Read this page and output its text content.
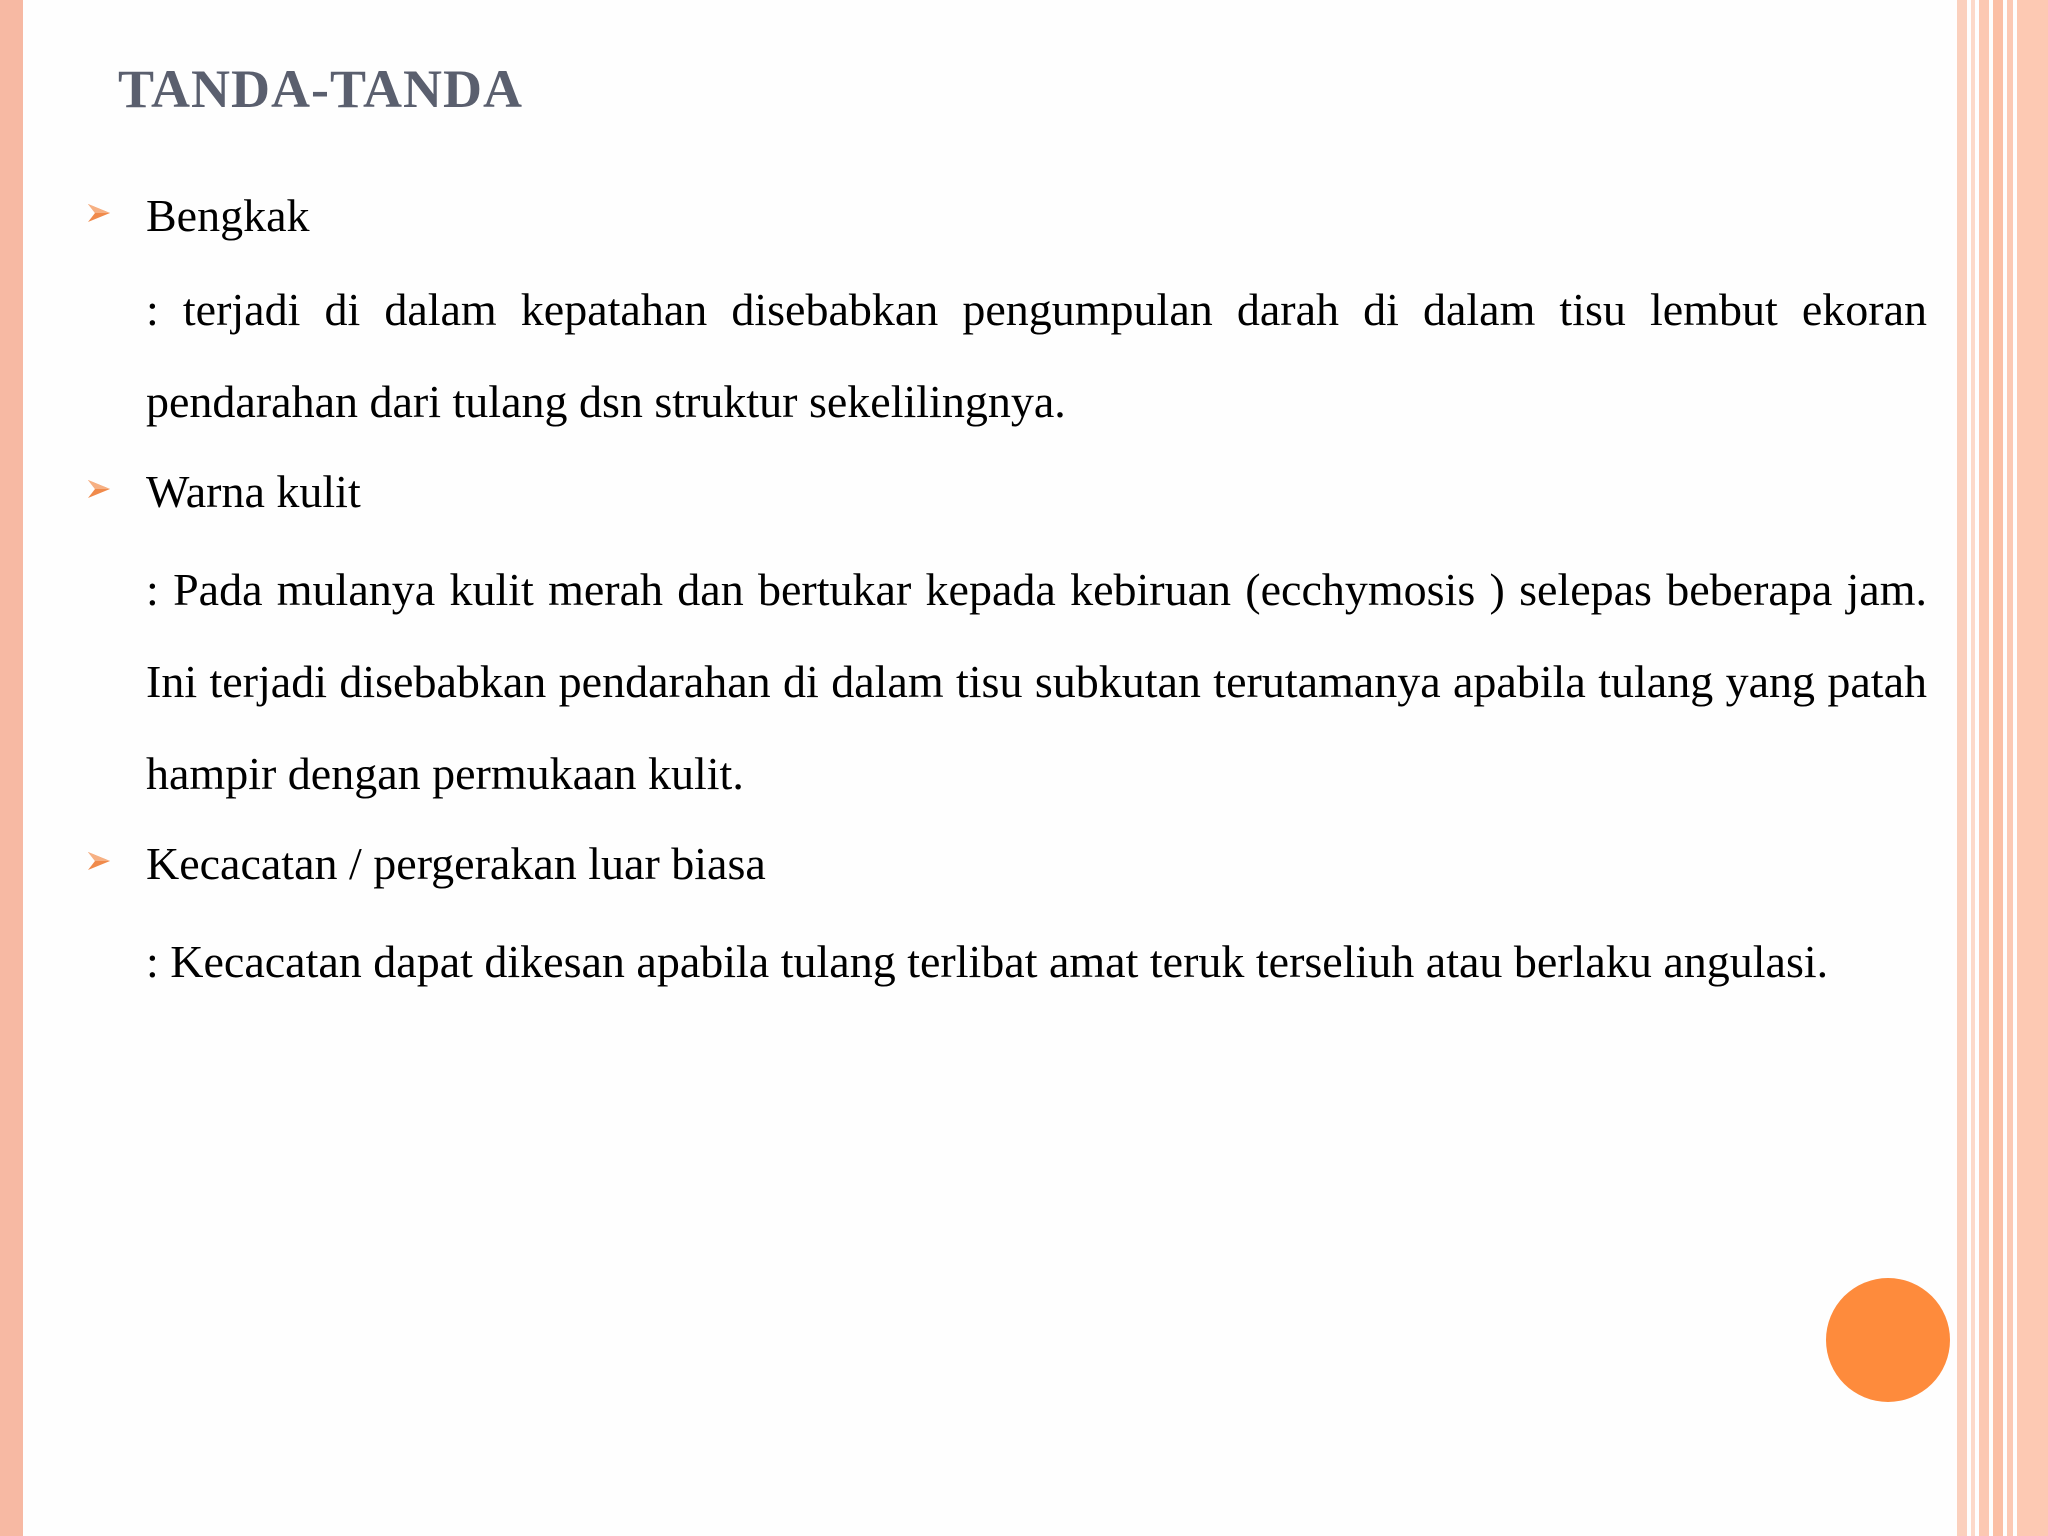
TANDA-TANDA
Bengkak
: terjadi di dalam kepatahan disebabkan pengumpulan darah di dalam tisu lembut ekoran pendarahan dari tulang dsn struktur sekelilingnya.
Warna kulit
: Pada mulanya kulit merah dan bertukar kepada kebiruan (ecchymosis ) selepas beberapa jam. Ini terjadi disebabkan pendarahan di dalam tisu subkutan terutamanya apabila tulang yang patah hampir dengan permukaan kulit.
Kecacatan / pergerakan luar biasa
: Kecacatan dapat dikesan apabila tulang terlibat amat teruk terseliuh atau berlaku angulasi.
